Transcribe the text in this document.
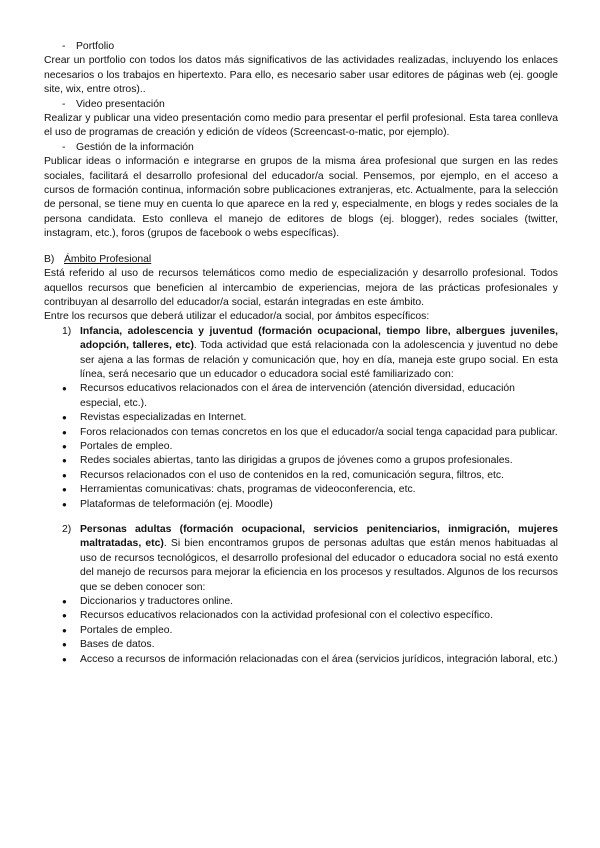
- Portfolio

Crear un portfolio con todos los datos más significativos de las actividades realizadas, incluyendo los enlaces necesarios o los trabajos en hipertexto. Para ello, es necesario saber usar editores de páginas web (ej. google site, wix, entre otros)..

- Video presentación

Realizar y publicar una video presentación como medio para presentar el perfil profesional. Esta tarea conlleva el uso de programas de creación y edición de vídeos (Screencast-o-matic, por ejemplo).

- Gestión de la información

Publicar ideas o información e integrarse en grupos de la misma área profesional que surgen en las redes sociales, facilitará el desarrollo profesional del educador/a social. Pensemos, por ejemplo, en el acceso a cursos de formación continua, información sobre publicaciones extranjeras, etc. Actualmente, para la selección de personal, se tiene muy en cuenta lo que aparece en la red y, especialmente, en blogs y redes sociales de la persona candidata. Esto conlleva el manejo de editores de blogs (ej. blogger), redes sociales (twitter, instagram, etc.), foros (grupos de facebook o webs específicas).

B) Ámbito Profesional

Está referido al uso de recursos telemáticos como medio de especialización y desarrollo profesional. Todos aquellos recursos que beneficien al intercambio de experiencias, mejora de las prácticas profesionales y contribuyan al desarrollo del educador/a social, estarán integradas en este ámbito.

Entre los recursos que deberá utilizar el educador/a social, por ámbitos específicos:

1) Infancia, adolescencia y juventud (formación ocupacional, tiempo libre, albergues juveniles, adopción, talleres, etc). Toda actividad que está relacionada con la adolescencia y juventud no debe ser ajena a las formas de relación y comunicación que, hoy en día, maneja este grupo social. En esta línea, será necesario que un educador o educadora social esté familiarizado con:

● Recursos educativos relacionados con el área de intervención (atención diversidad, educación especial, etc.).
● Revistas especializadas en Internet.
● Foros relacionados con temas concretos en los que el educador/a social tenga capacidad para publicar.
● Portales de empleo.
● Redes sociales abiertas, tanto las dirigidas a grupos de jóvenes como a grupos profesionales.
● Recursos relacionados con el uso de contenidos en la red, comunicación segura, filtros, etc.
● Herramientas comunicativas: chats, programas de videoconferencia, etc.
● Plataformas de teleformación (ej. Moodle)
2) Personas adultas (formación ocupacional, servicios penitenciarios, inmigración, mujeres maltratadas, etc). Si bien encontramos grupos de personas adultas que están menos habituadas al uso de recursos tecnológicos, el desarrollo profesional del educador o educadora social no está exento del manejo de recursos para mejorar la eficiencia en los procesos y resultados. Algunos de los recursos que se deben conocer son:

● Diccionarios y traductores online.
● Recursos educativos relacionados con la actividad profesional con el colectivo específico.
● Portales de empleo.
● Bases de datos.
● Acceso a recursos de información relacionadas con el área (servicios jurídicos, integración laboral, etc.)
